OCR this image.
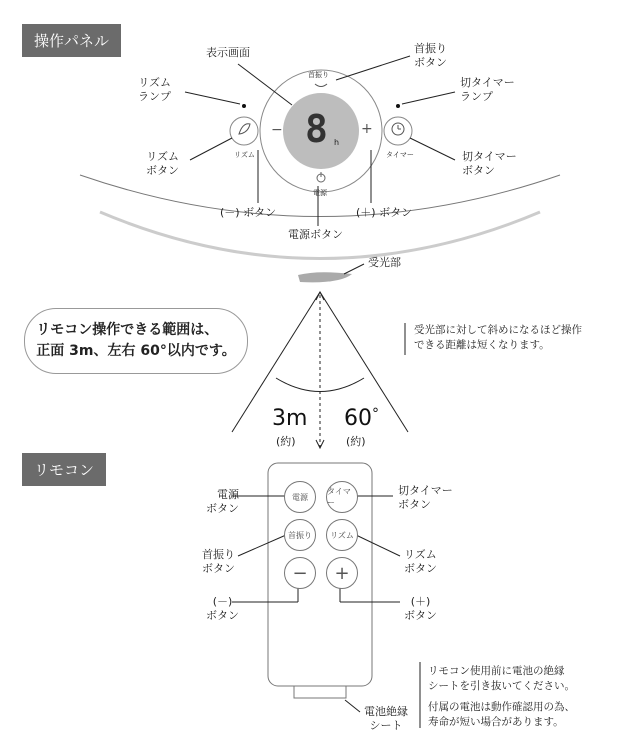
操作パネル
リモコン
首振り
リズム	タイマー
電源
−	+
8 h
表示画面	首振り
ボタン
リズム
ランプ
リズム
ボタン
切タイマー
ランプ
切タイマー
ボタン
(－) ボタン	(＋) ボタン
電源ボタン
受光部
リモコン操作できる範囲は、
正面 3m、左右 60°以内です。
受光部に対して斜めになるほど操作
できる距離は短くなります。
3m
(約)
60°
(約)
電源
タイマー
首振り	リズム
−	+
電源
ボタン
切タイマー
ボタン
首振り
ボタン
リズム
ボタン
(－)
ボタン
(＋)
ボタン
電池絶縁
シート
リモコン使用前に電池の絶縁
シートを引き抜いてください。
付属の電池は動作確認用の為、
寿命が短い場合があります。
